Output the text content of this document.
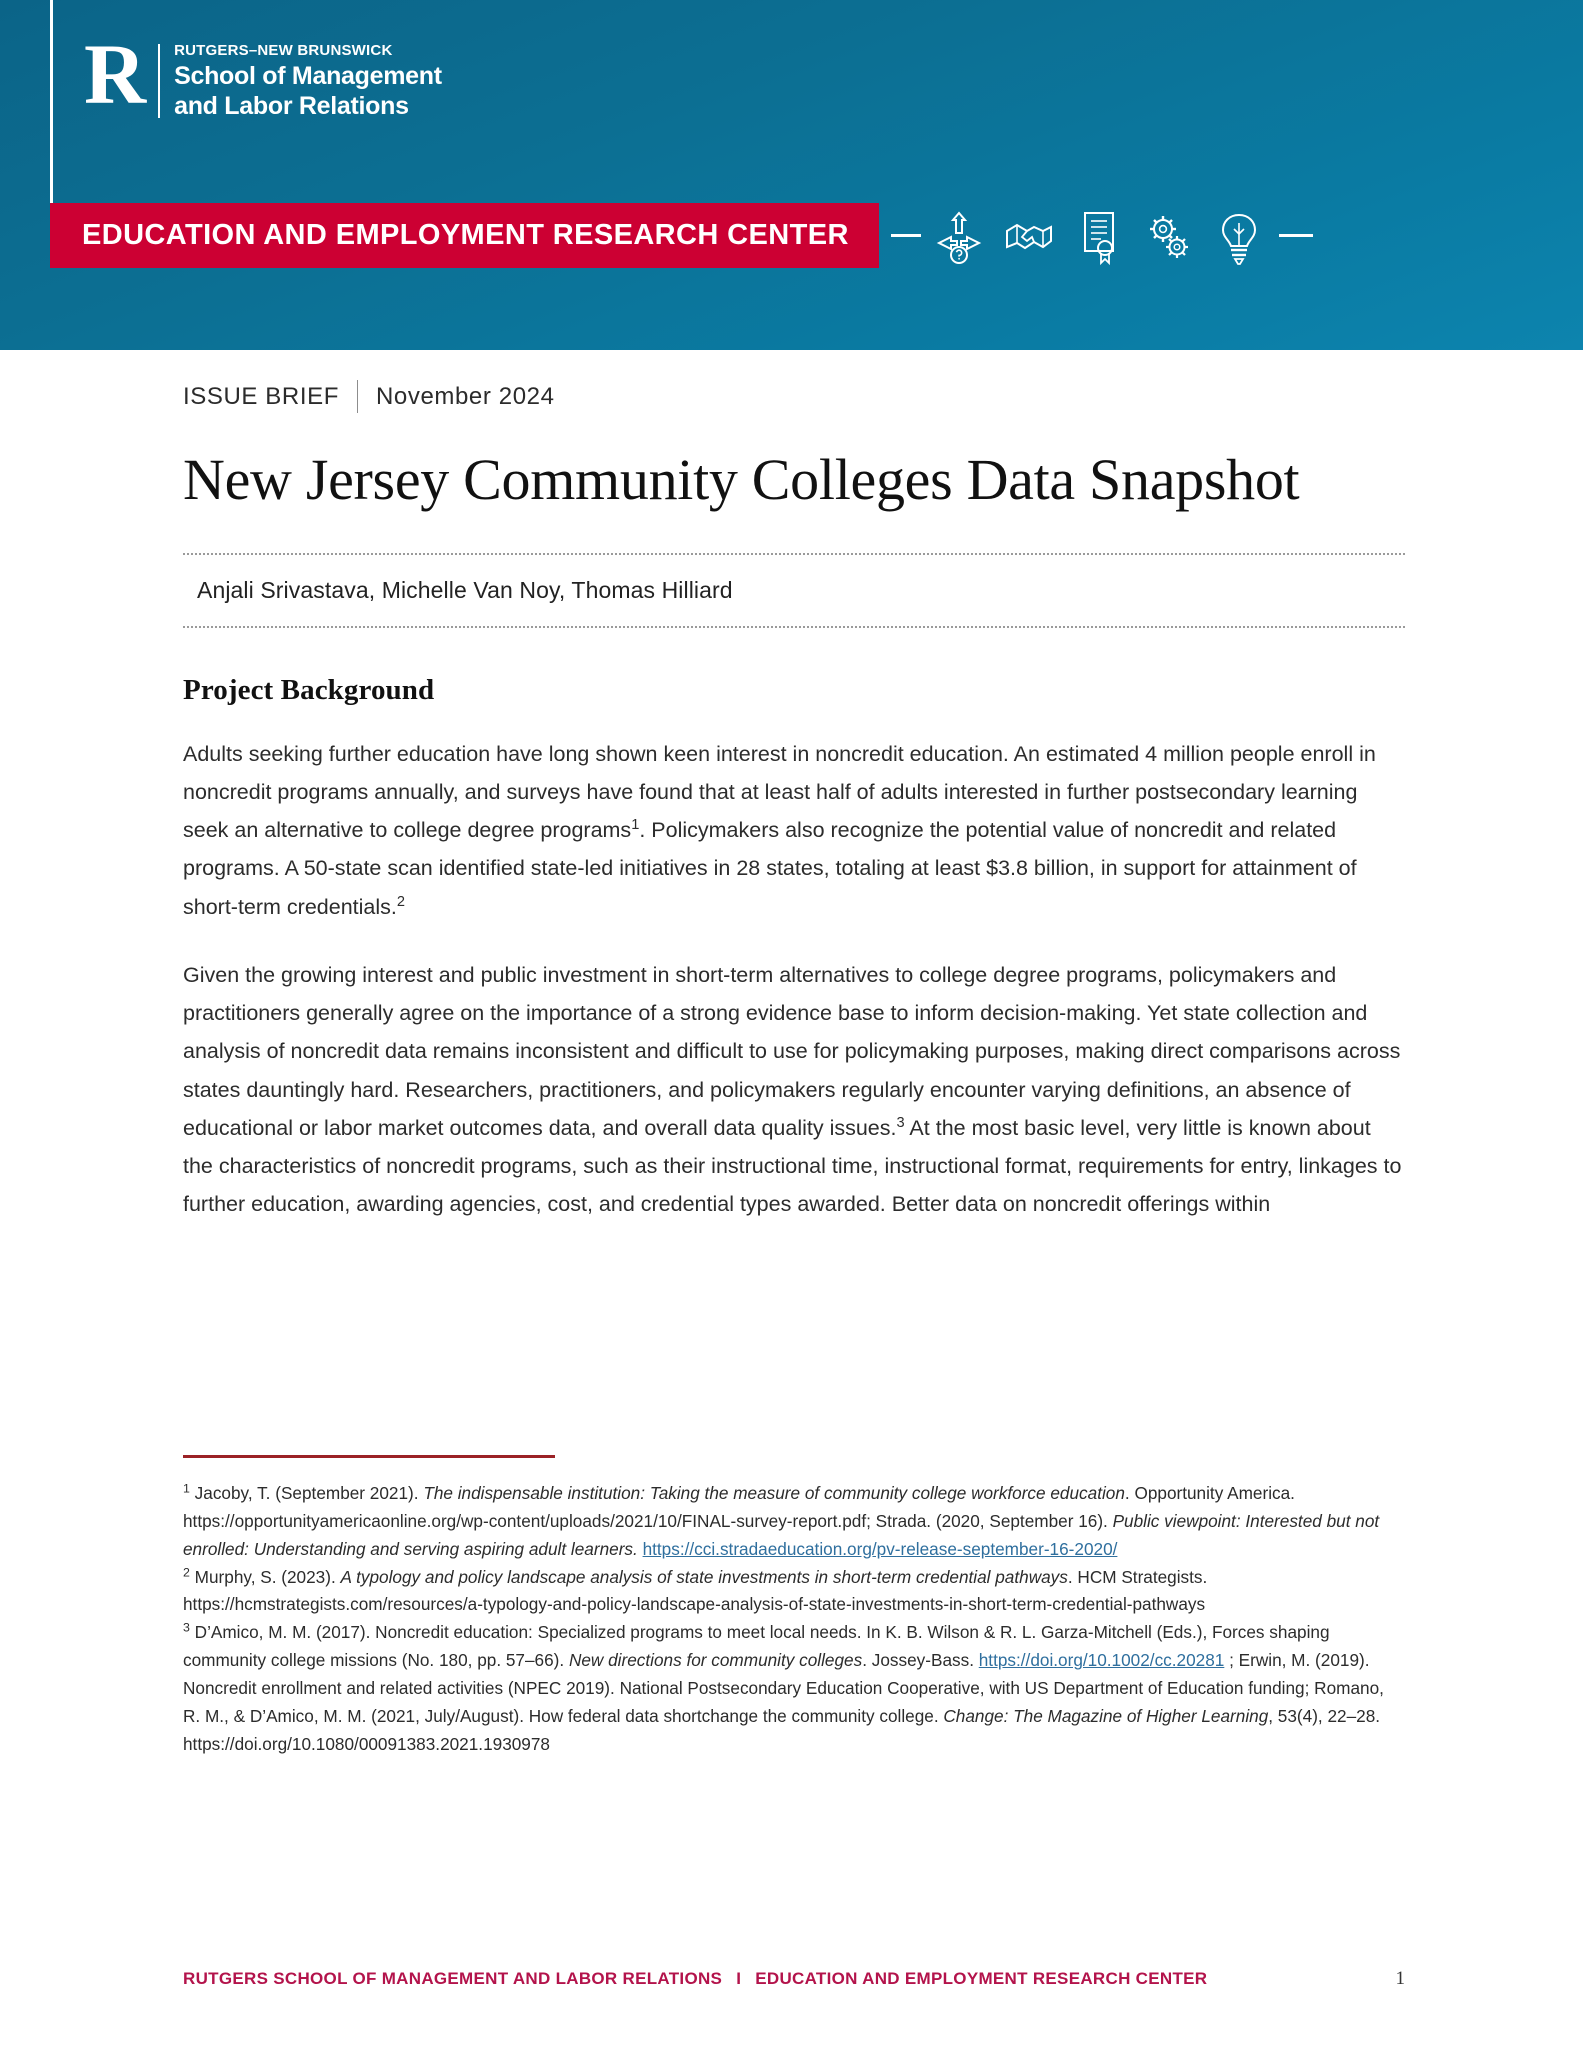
R	RUTGERS–NEW BRUNSWICK
School of Management
and Labor Relations
EDUCATION AND EMPLOYMENT RESEARCH CENTER
ISSUE BRIEF November 2024
New Jersey Community Colleges Data Snapshot
Anjali Srivastava, Michelle Van Noy, Thomas Hilliard
Project Background

Adults seeking further education have long shown keen interest in noncredit education. An estimated 4 million people enroll in noncredit programs annually, and surveys have found that at least half of adults interested in further postsecondary learning seek an alternative to college degree programs$^1$. Policymakers also recognize the potential value of noncredit and related programs. A 50-state scan identified state-led initiatives in 28 states, totaling at least $3.8 billion, in support for attainment of short-term credentials.$^2$

Given the growing interest and public investment in short-term alternatives to college degree programs, policymakers and practitioners generally agree on the importance of a strong evidence base to inform decision-making. Yet state collection and analysis of noncredit data remains inconsistent and difficult to use for policymaking purposes, making direct comparisons across states dauntingly hard. Researchers, practitioners, and policymakers regularly encounter varying definitions, an absence of educational or labor market outcomes data, and overall data quality issues.$^3$ At the most basic level, very little is known about the characteristics of noncredit programs, such as their instructional time, instructional format, requirements for entry, linkages to further education, awarding agencies, cost, and credential types awarded. Better data on noncredit offerings within

$^1$ Jacoby, T. (September 2021). The indispensable institution: Taking the measure of community college workforce education. Opportunity America. https://opportunityamericaonline.org/wp-content/uploads/2021/10/FINAL-survey-report.pdf; Strada. (2020, September 16). Public viewpoint: Interested but not enrolled: Understanding and serving aspiring adult learners. https://cci.stradaeducation.org/pv-release-september-16-2020/

$^2$ Murphy, S. (2023). A typology and policy landscape analysis of state investments in short-term credential pathways. HCM Strategists. https://hcmstrategists.com/resources/a-typology-and-policy-landscape-analysis-of-state-investments-in-short-term-credential-pathways

$^3$ D’Amico, M. M. (2017). Noncredit education: Specialized programs to meet local needs. In K. B. Wilson & R. L. Garza-Mitchell (Eds.), Forces shaping community college missions (No. 180, pp. 57–66). New directions for community colleges. Jossey-Bass. https://doi.org/10.1002/cc.20281 ; Erwin, M. (2019). Noncredit enrollment and related activities (NPEC 2019). National Postsecondary Education Cooperative, with US Department of Education funding; Romano, R. M., & D’Amico, M. M. (2021, July/August). How federal data shortchange the community college. Change: The Magazine of Higher Learning, 53(4), 22–28. https://doi.org/10.1080/00091383.2021.1930978

RUTGERS SCHOOL OF MANAGEMENT AND LABOR RELATIONS I EDUCATION AND EMPLOYMENT RESEARCH CENTER	1
